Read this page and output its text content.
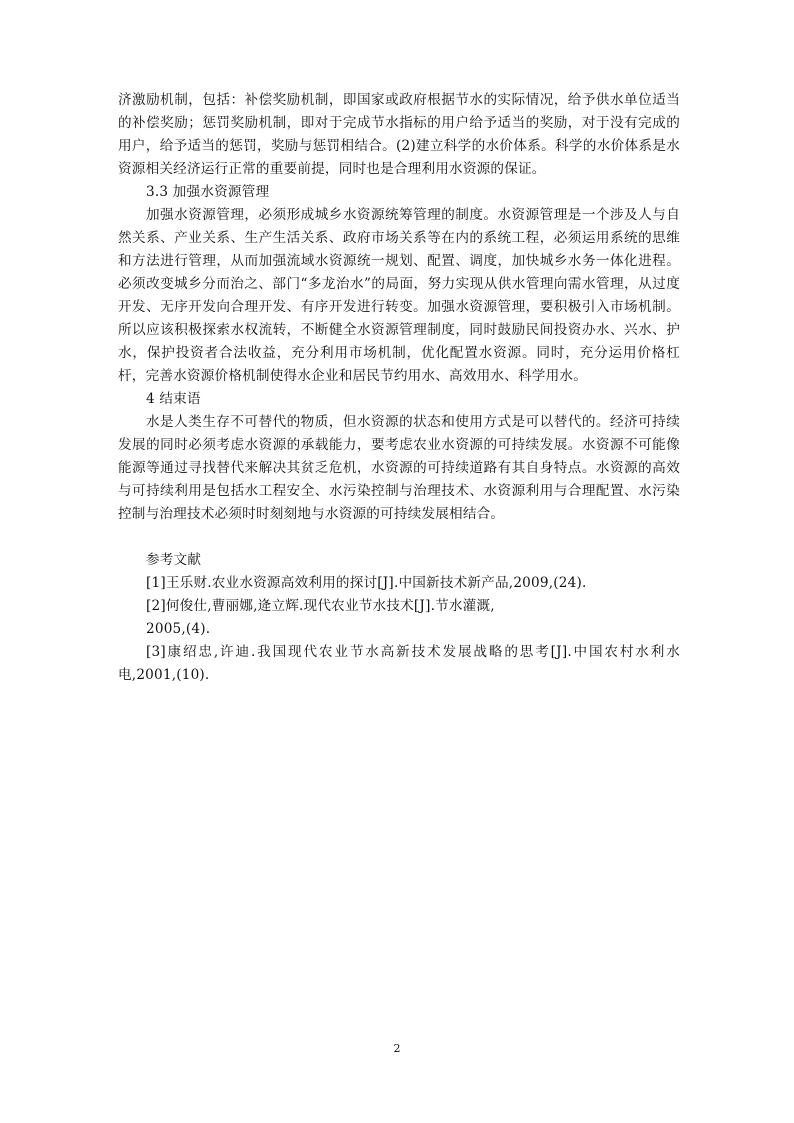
济激励机制，包括：补偿奖励机制，即国家或政府根据节水的实际情况，给予供水单位适当的补偿奖励；惩罚奖励机制，即对于完成节水指标的用户给予适当的奖励，对于没有完成的用户，给予适当的惩罚，奖励与惩罚相结合。(2)建立科学的水价体系。科学的水价体系是水资源相关经济运行正常的重要前提，同时也是合理利用水资源的保证。

3.3 加强水资源管理

加强水资源管理，必须形成城乡水资源统筹管理的制度。水资源管理是一个涉及人与自然关系、产业关系、生产生活关系、政府市场关系等在内的系统工程，必须运用系统的思维和方法进行管理，从而加强流域水资源统一规划、配置、调度，加快城乡水务一体化进程。必须改变城乡分而治之、部门“多龙治水”的局面，努力实现从供水管理向需水管理，从过度开发、无序开发向合理开发、有序开发进行转变。加强水资源管理，要积极引入市场机制。所以应该积极探索水权流转，不断健全水资源管理制度，同时鼓励民间投资办水、兴水、护水，保护投资者合法收益，充分利用市场机制，优化配置水资源。同时，充分运用价格杠杆，完善水资源价格机制使得水企业和居民节约用水、高效用水、科学用水。

4 结束语

水是人类生存不可替代的物质，但水资源的状态和使用方式是可以替代的。经济可持续发展的同时必须考虑水资源的承载能力，要考虑农业水资源的可持续发展。水资源不可能像能源等通过寻找替代来解决其贫乏危机，水资源的可持续道路有其自身特点。水资源的高效与可持续利用是包括水工程安全、水污染控制与治理技术、水资源利用与合理配置、水污染控制与治理技术必须时时刻刻地与水资源的可持续发展相结合。

参考文献

[1]王乐财.农业水资源高效利用的探讨[J].中国新技术新产品,2009,(24).

[2]何俊仕,曹丽娜,逄立辉.现代农业节水技术[J].节水灌溉,

2005,(4).

[3]康绍忠,许迪.我国现代农业节水高新技术发展战略的思考[J].中国农村水利水电,2001,(10).

2
